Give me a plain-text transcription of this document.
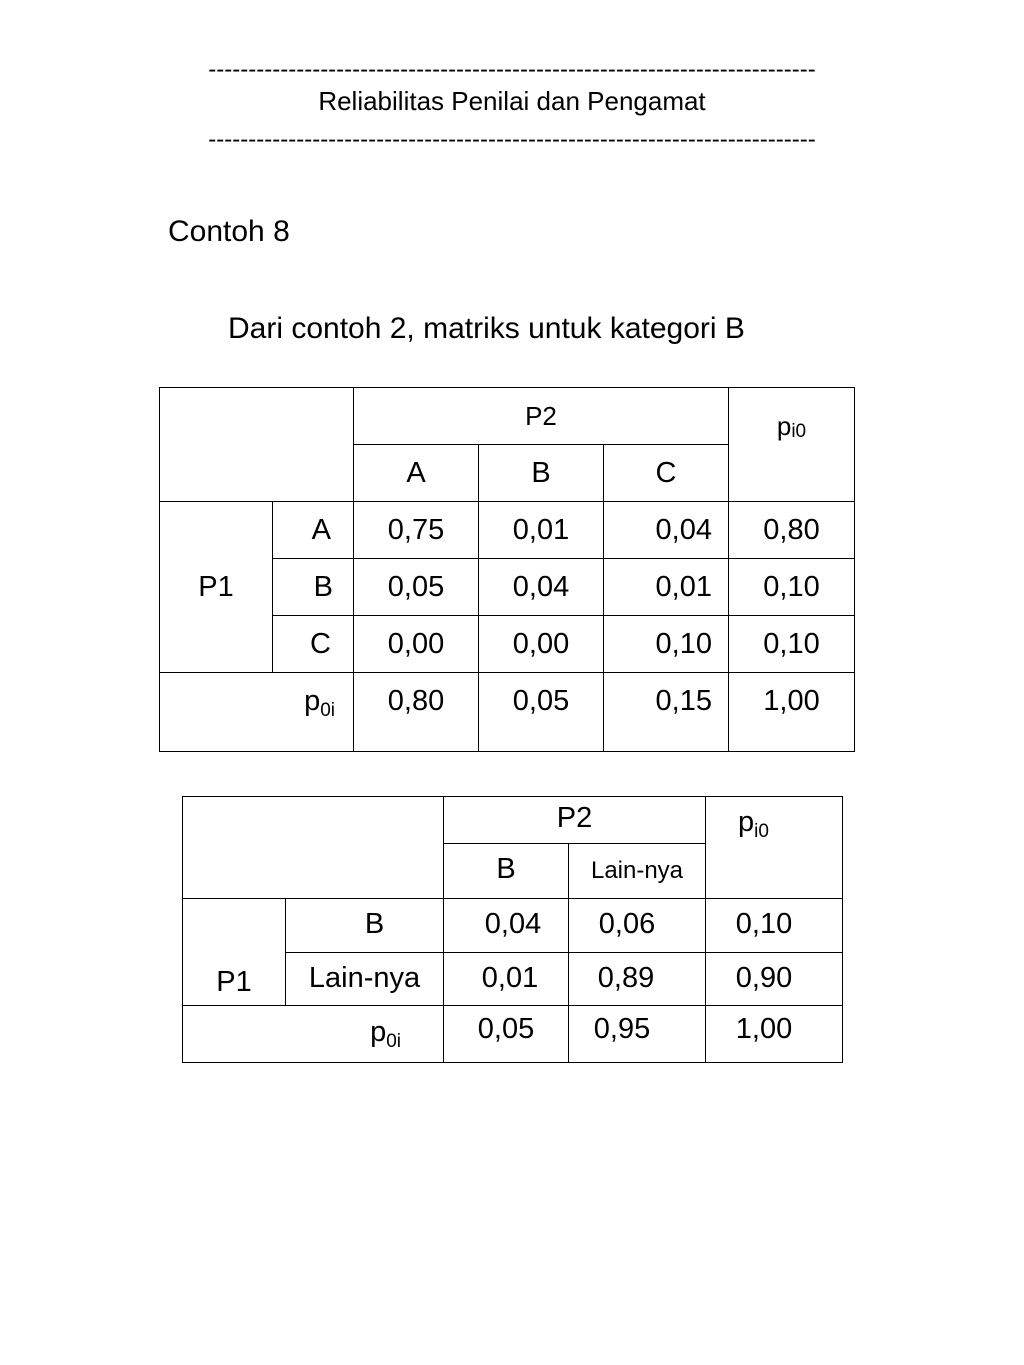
----------------------------------------------------------------------------
Reliabilitas Penilai dan Pengamat
----------------------------------------------------------------------------
Contoh 8
Dari contoh 2, matriks untuk kategori B
		P2			pi0
		A	B	C	
P1	A	0,75	0,01	0,04	0,80
	B	0,05	0,04	0,01	0,10
	C	0,00	0,00	0,10	0,10
$p_{0i}$		0,80	0,05	0,15	1,00
		P2		$p_{i0}$
		B	Lain-nya	
P1	B	0,04	0,06	0,10
	Lain-nya	0,01	0,89	0,90
$p_{0i}$		0,05	0,95	1,00
